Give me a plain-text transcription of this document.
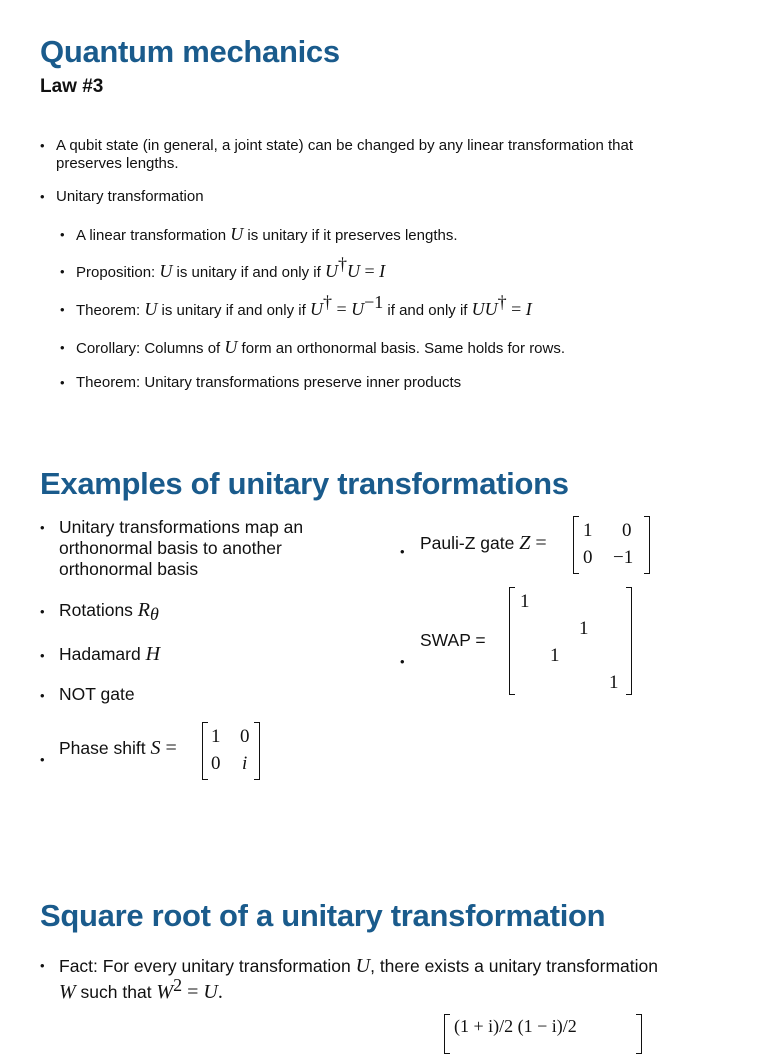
Quantum mechanics
Law #3
• A qubit state (in general, a joint state) can be changed by any linear transformation that
preserves lengths.
• Unitary transformation
• A linear transformation U is unitary if it preserves lengths.
• Proposition: U is unitary if and only if U†U = I
• Theorem: U is unitary if and only if $U^\dagger = U^{-1}$ if and only if UU† = I
• Corollary: Columns of U form an orthonormal basis. Same holds for rows.
• Theorem: Unitary transformations preserve inner products
Examples of unitary transformations
• Unitary transformations map an
orthonormal basis to another
orthonormal basis
• Rotations $R_\theta$
• Hadamard H
• NOT gate
•
Phase shift S =
1 0
0 i
• Pauli-Z gate Z =
1 0
0 −1
•
SWAP =
1
1
1
1
Square root of a unitary transformation
• Fact: For every unitary transformation U, there exists a unitary transformation
W such that $W^2 = U$.
(1 + i)/2 (1 − i)/2
